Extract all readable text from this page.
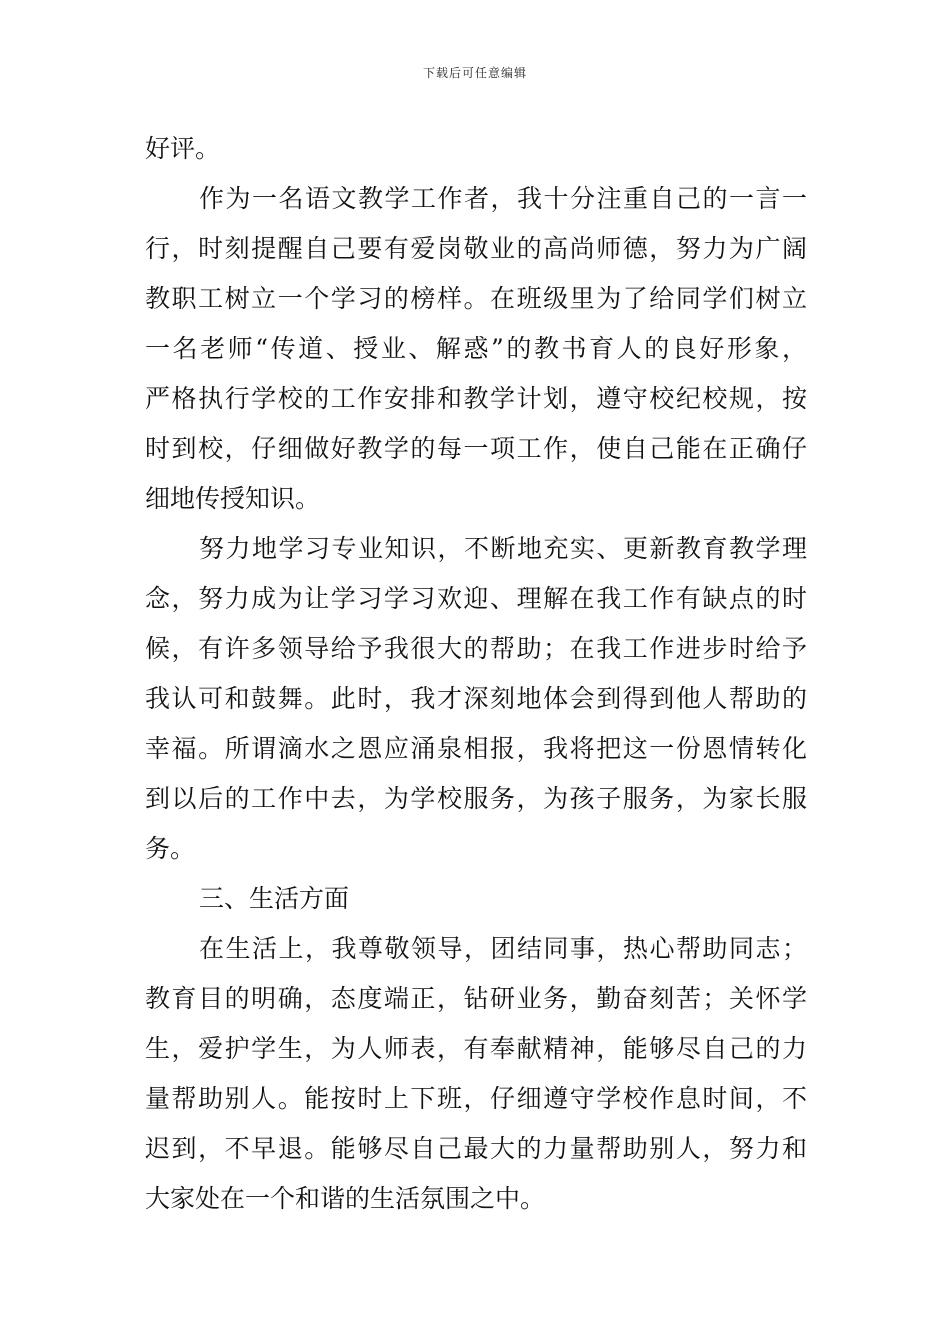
下载后可任意编辑
好评。
作为一名语文教学工作者，我十分注重自己的一言一
行，时刻提醒自己要有爱岗敬业的高尚师德，努力为广阔
教职工树立一个学习的榜样。在班级里为了给同学们树立
一名老师“传道、授业、解惑”的教书育人的良好形象，
严格执行学校的工作安排和教学计划，遵守校纪校规，按
时到校，仔细做好教学的每一项工作，使自己能在正确仔
细地传授知识。
努力地学习专业知识，不断地充实、更新教育教学理
念，努力成为让学习学习欢迎、理解在我工作有缺点的时
候，有许多领导给予我很大的帮助；在我工作进步时给予
我认可和鼓舞。此时，我才深刻地体会到得到他人帮助的
幸福。所谓滴水之恩应涌泉相报，我将把这一份恩情转化
到以后的工作中去，为学校服务，为孩子服务，为家长服
务。
三、生活方面
在生活上，我尊敬领导，团结同事，热心帮助同志；
教育目的明确，态度端正，钻研业务，勤奋刻苦；关怀学
生，爱护学生，为人师表，有奉献精神，能够尽自己的力
量帮助别人。能按时上下班，仔细遵守学校作息时间，不
迟到，不早退。能够尽自己最大的力量帮助别人，努力和
大家处在一个和谐的生活氛围之中。
